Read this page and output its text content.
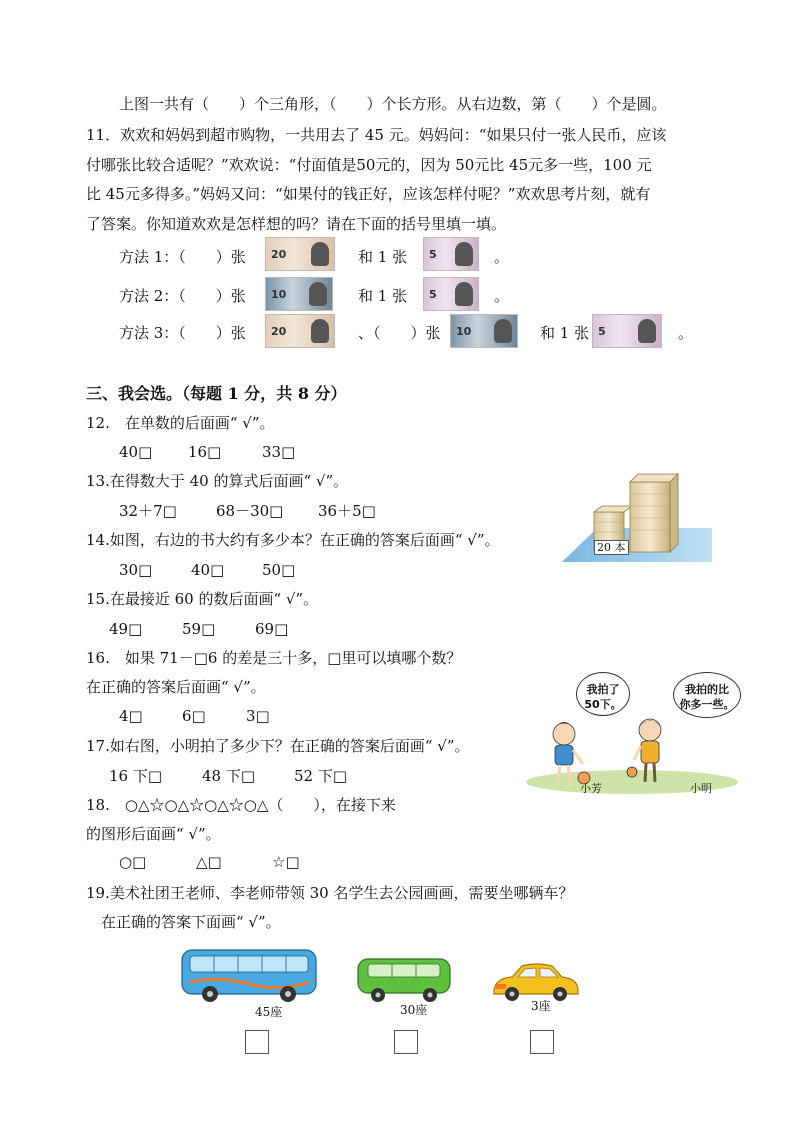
上图一共有（　　）个三角形，（　　）个长方形。从右边数，第（　　）个是圆。
11．欢欢和妈妈到超市购物，一共用去了 45 元。妈妈问：“如果只付一张人民币，应该
付哪张比较合适呢？”欢欢说：“付面值是50元的，因为 50元比 45元多一些，100 元
比 45元多得多。”妈妈又问：“如果付的钱正好，应该怎样付呢？”欢欢思考片刻，就有
了答案。你知道欢欢是怎样想的吗？请在下面的括号里填一填。
方法 1：（　　）张 20	和 1 张 5	。
方法 2：（　　）张 10	和 1 张 5	。
方法 3：（　　）张 20	、（　　）张 10	和 1 张 5	。
三、我会选。（每题 1 分，共 8 分）
12.　在单数的后面画“ √”。
40□ 16□	33□
13.在得数大于 40 的算式后面画“ √”。
32＋7□	68－30□ 36＋5□
20 本
14.如图，右边的书大约有多少本？在正确的答案后面画“ √”。
30□	40□	50□
15.在最接近 60 的数后面画“ √”。
49□	59□	69□
16.　如果 71－□6 的差是三十多，□里可以填哪个数？
在正确的答案后面画“ √”。
4□	6□	3□
我拍了
50下。
我拍的比
你多一些。
小芳	小明
17.如右图，小明拍了多少下？在正确的答案后面画“ √”。
16 下□	48 下□	52 下□
18.　○△☆○△☆○△☆○△（　　），在接下来
的图形后面画“ √”。
○□	△□	☆□
19.美术社团王老师、李老师带领 30 名学生去公园画画，需要坐哪辆车？
在正确的答案下面画“ √”。
45座	30座	3座
